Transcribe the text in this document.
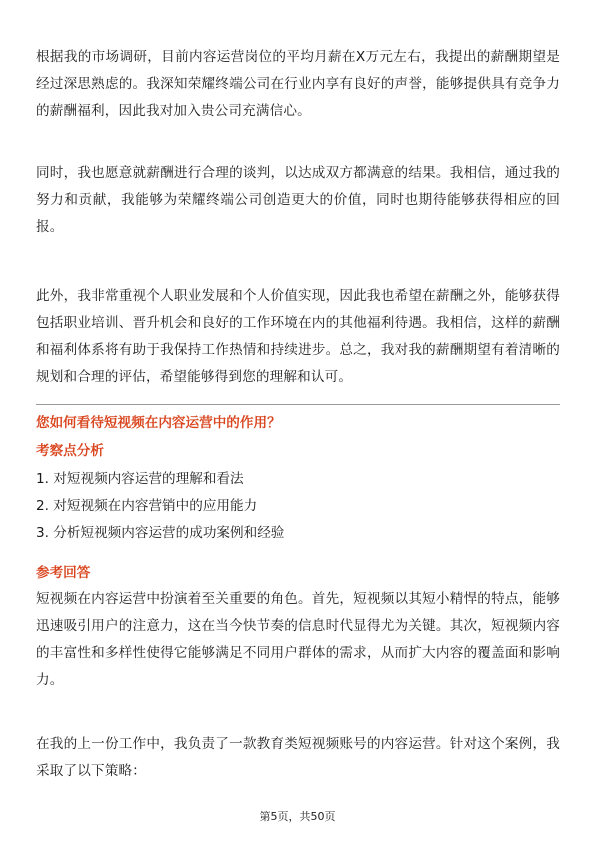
根据我的市场调研，目前内容运营岗位的平均月薪在X万元左右，我提出的薪酬期望是经过深思熟虑的。我深知荣耀终端公司在行业内享有良好的声誉，能够提供具有竞争力的薪酬福利，因此我对加入贵公司充满信心。

同时，我也愿意就薪酬进行合理的谈判，以达成双方都满意的结果。我相信，通过我的努力和贡献，我能够为荣耀终端公司创造更大的价值，同时也期待能够获得相应的回报。

此外，我非常重视个人职业发展和个人价值实现，因此我也希望在薪酬之外，能够获得包括职业培训、晋升机会和良好的工作环境在内的其他福利待遇。我相信，这样的薪酬和福利体系将有助于我保持工作热情和持续进步。总之，我对我的薪酬期望有着清晰的规划和合理的评估，希望能够得到您的理解和认可。

您如何看待短视频在内容运营中的作用？

考察点分析

1. 对短视频内容运营的理解和看法
2. 对短视频在内容营销中的应用能力
3. 分析短视频内容运营的成功案例和经验

参考回答

短视频在内容运营中扮演着至关重要的角色。首先，短视频以其短小精悍的特点，能够迅速吸引用户的注意力，这在当今快节奏的信息时代显得尤为关键。其次，短视频内容的丰富性和多样性使得它能够满足不同用户群体的需求，从而扩大内容的覆盖面和影响力。

在我的上一份工作中，我负责了一款教育类短视频账号的内容运营。针对这个案例，我采取了以下策略：

第5页，共50页
